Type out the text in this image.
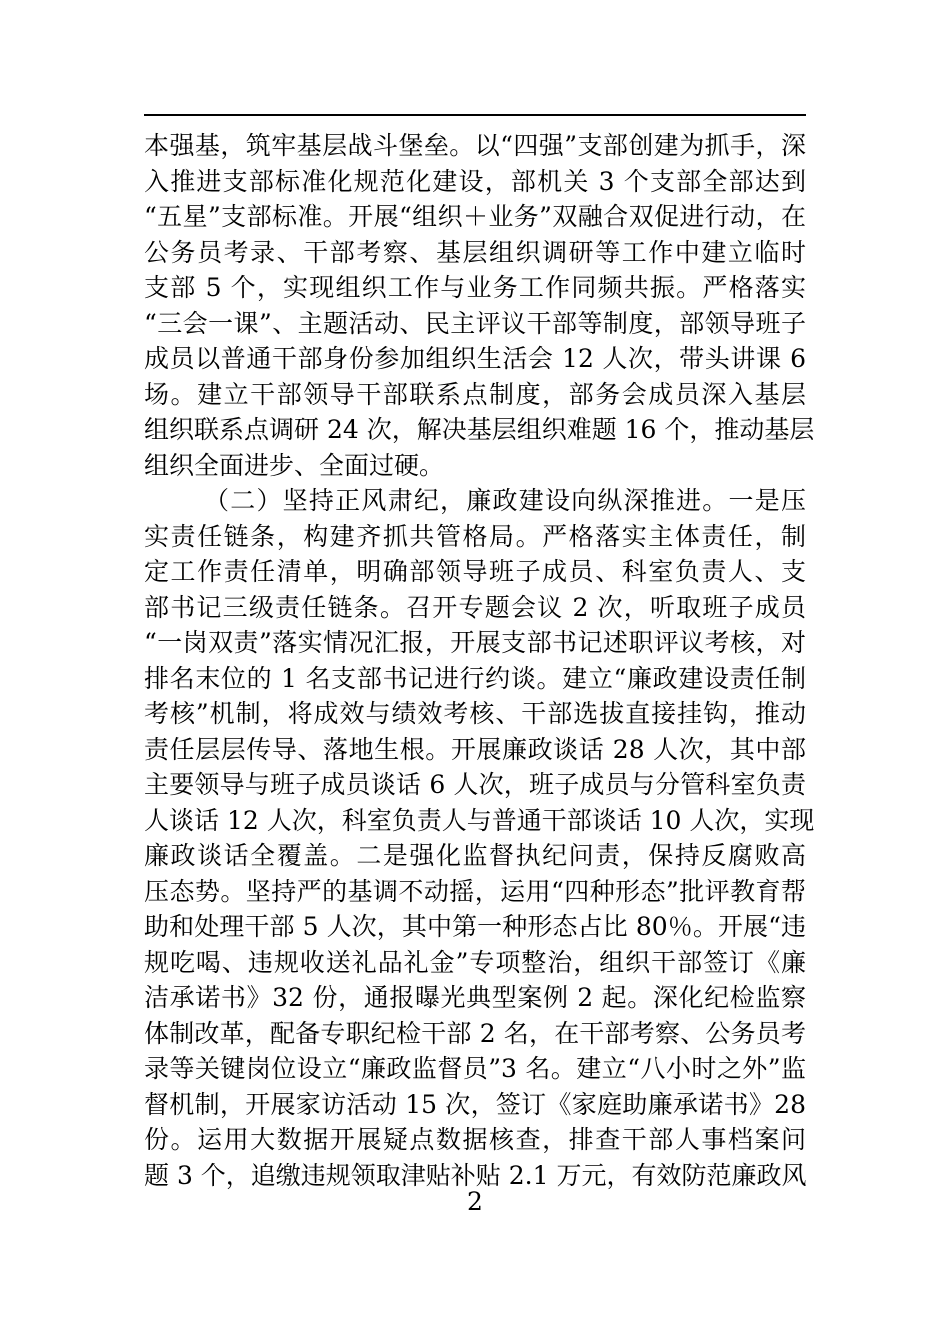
本强基，筑牢基层战斗堡垒。以“四强”支部创建为抓手，深
入推进支部标准化规范化建设，部机关 3 个支部全部达到
“五星”支部标准。开展“组织＋业务”双融合双促进行动，在
公务员考录、干部考察、基层组织调研等工作中建立临时
支部 5 个，实现组织工作与业务工作同频共振。严格落实
“三会一课”、主题活动、民主评议干部等制度，部领导班子
成员以普通干部身份参加组织生活会 12 人次，带头讲课 6
场。建立干部领导干部联系点制度，部务会成员深入基层
组织联系点调研 24 次，解决基层组织难题 16 个，推动基层
组织全面进步、全面过硬。
（二）坚持正风肃纪，廉政建设向纵深推进。一是压
实责任链条，构建齐抓共管格局。严格落实主体责任，制
定工作责任清单，明确部领导班子成员、科室负责人、支
部书记三级责任链条。召开专题会议 2 次，听取班子成员
“一岗双责”落实情况汇报，开展支部书记述职评议考核，对
排名末位的 1 名支部书记进行约谈。建立“廉政建设责任制
考核”机制，将成效与绩效考核、干部选拔直接挂钩，推动
责任层层传导、落地生根。开展廉政谈话 28 人次，其中部
主要领导与班子成员谈话 6 人次，班子成员与分管科室负责
人谈话 12 人次，科室负责人与普通干部谈话 10 人次，实现
廉政谈话全覆盖。二是强化监督执纪问责，保持反腐败高
压态势。坚持严的基调不动摇，运用“四种形态”批评教育帮
助和处理干部 5 人次，其中第一种形态占比 80％。开展“违
规吃喝、违规收送礼品礼金”专项整治，组织干部签订《廉
洁承诺书》32 份，通报曝光典型案例 2 起。深化纪检监察
体制改革，配备专职纪检干部 2 名，在干部考察、公务员考
录等关键岗位设立“廉政监督员”3 名。建立“八小时之外”监
督机制，开展家访活动 15 次，签订《家庭助廉承诺书》28
份。运用大数据开展疑点数据核查，排查干部人事档案问
题 3 个，追缴违规领取津贴补贴 2.1 万元，有效防范廉政风
2
